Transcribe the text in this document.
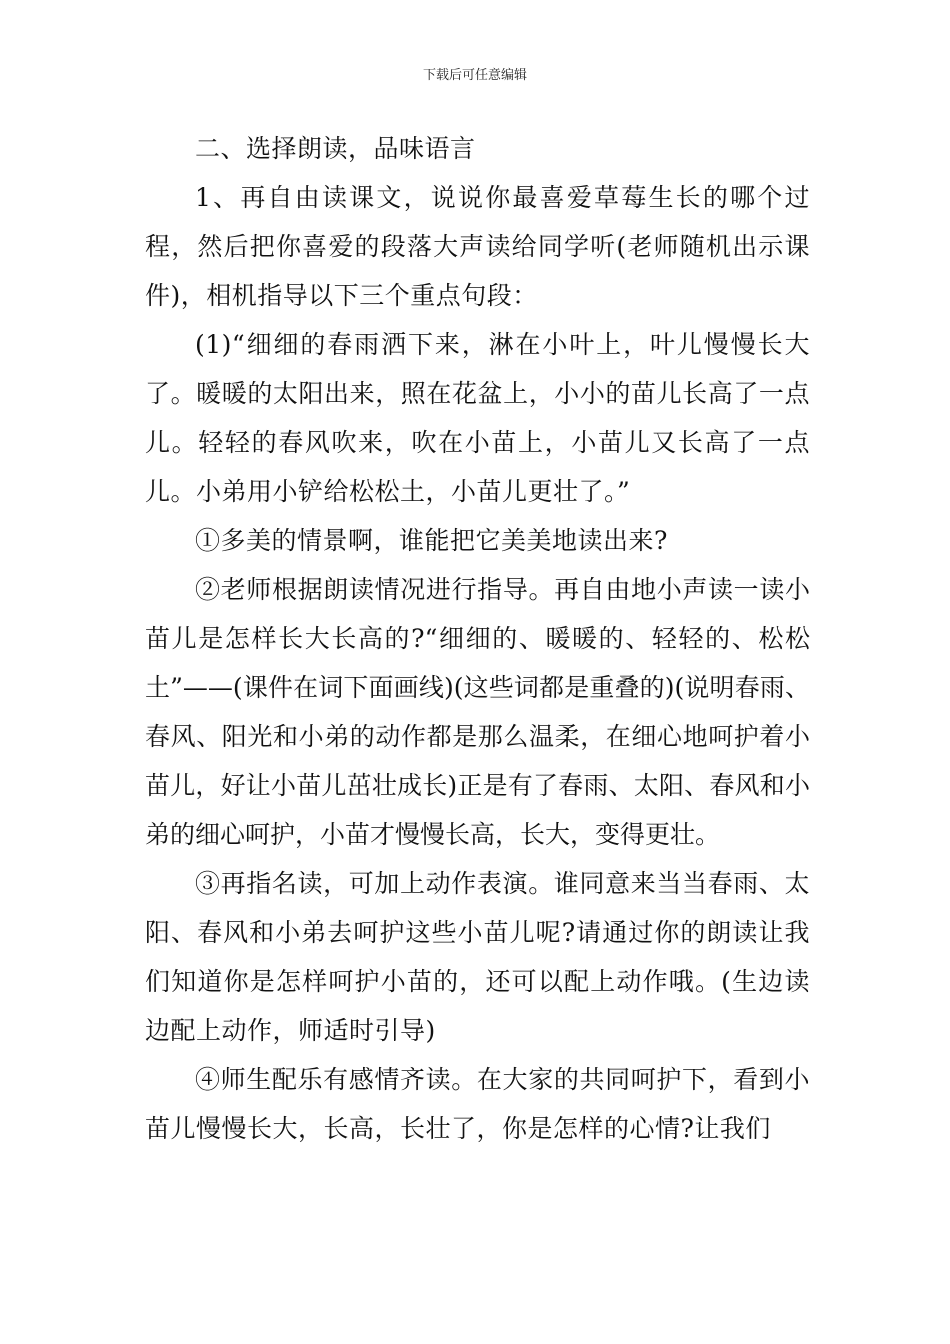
下载后可任意编辑

二、选择朗读，品味语言

1、再自由读课文，说说你最喜爱草莓生长的哪个过程，然后把你喜爱的段落大声读给同学听(老师随机出示课件)，相机指导以下三个重点句段：

(1)“细细的春雨洒下来，淋在小叶上，叶儿慢慢长大了。暖暖的太阳出来，照在花盆上，小小的苗儿长高了一点儿。轻轻的春风吹来，吹在小苗上，小苗儿又长高了一点儿。小弟用小铲给松松土，小苗儿更壮了。”

①多美的情景啊，谁能把它美美地读出来?

②老师根据朗读情况进行指导。再自由地小声读一读小苗儿是怎样长大长高的?“细细的、暖暖的、轻轻的、松松土”——(课件在词下面画线)(这些词都是重叠的)(说明春雨、春风、阳光和小弟的动作都是那么温柔，在细心地呵护着小苗儿，好让小苗儿茁壮成长)正是有了春雨、太阳、春风和小弟的细心呵护，小苗才慢慢长高，长大，变得更壮。

③再指名读，可加上动作表演。谁同意来当当春雨、太阳、春风和小弟去呵护这些小苗儿呢?请通过你的朗读让我们知道你是怎样呵护小苗的，还可以配上动作哦。(生边读边配上动作，师适时引导)

④师生配乐有感情齐读。在大家的共同呵护下，看到小苗儿慢慢长大，长高，长壮了，你是怎样的心情?让我们
